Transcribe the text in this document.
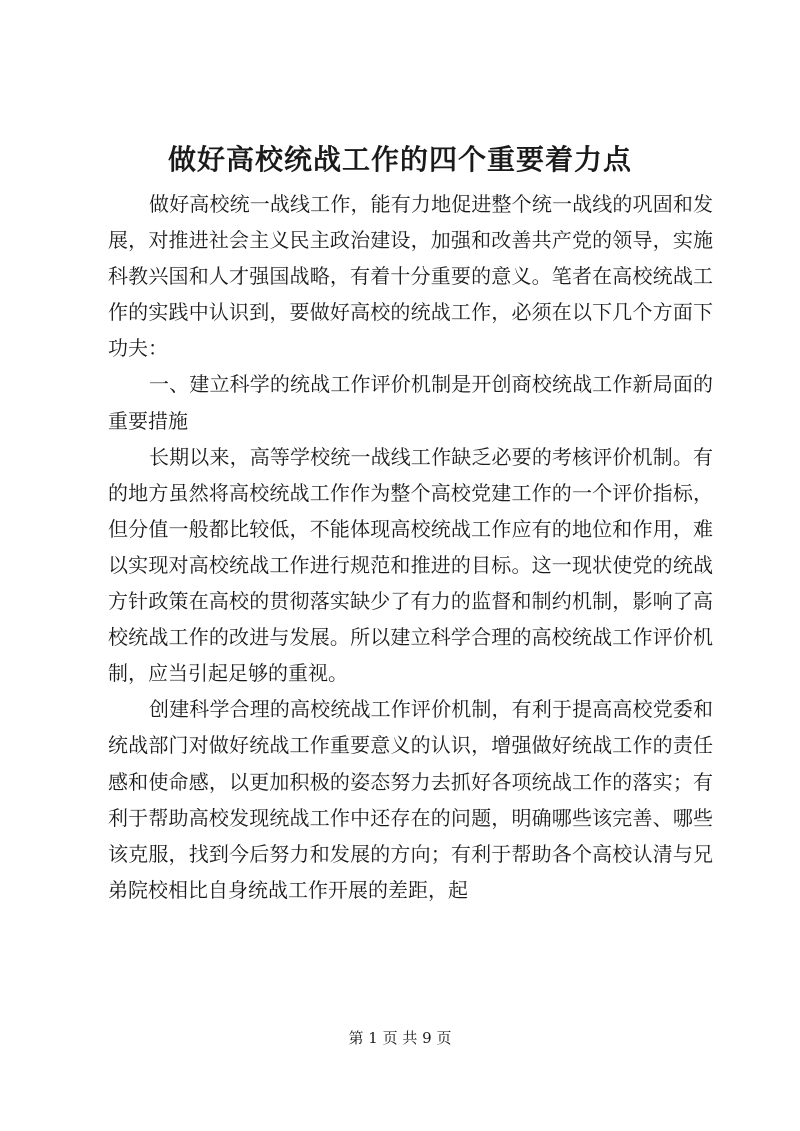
做好高校统战工作的四个重要着力点

做好高校统一战线工作，能有力地促进整个统一战线的巩固和发展，对推进社会主义民主政治建设，加强和改善共产党的领导，实施科教兴国和人才强国战略，有着十分重要的意义。笔者在高校统战工作的实践中认识到，要做好高校的统战工作，必须在以下几个方面下功夫：

一、建立科学的统战工作评价机制是开创商校统战工作新局面的重要措施

长期以来，高等学校统一战线工作缺乏必要的考核评价机制。有的地方虽然将高校统战工作作为整个高校党建工作的一个评价指标，但分值一般都比较低，不能体现高校统战工作应有的地位和作用，难以实现对高校统战工作进行规范和推进的目标。这一现状使党的统战方针政策在高校的贯彻落实缺少了有力的监督和制约机制，影响了高校统战工作的改进与发展。所以建立科学合理的高校统战工作评价机制，应当引起足够的重视。

创建科学合理的高校统战工作评价机制，有利于提高高校党委和统战部门对做好统战工作重要意义的认识，增强做好统战工作的责任感和使命感，以更加积极的姿态努力去抓好各项统战工作的落实；有利于帮助高校发现统战工作中还存在的问题，明确哪些该完善、哪些该克服，找到今后努力和发展的方向；有利于帮助各个高校认清与兄弟院校相比自身统战工作开展的差距，起

第 1 页 共 9 页
